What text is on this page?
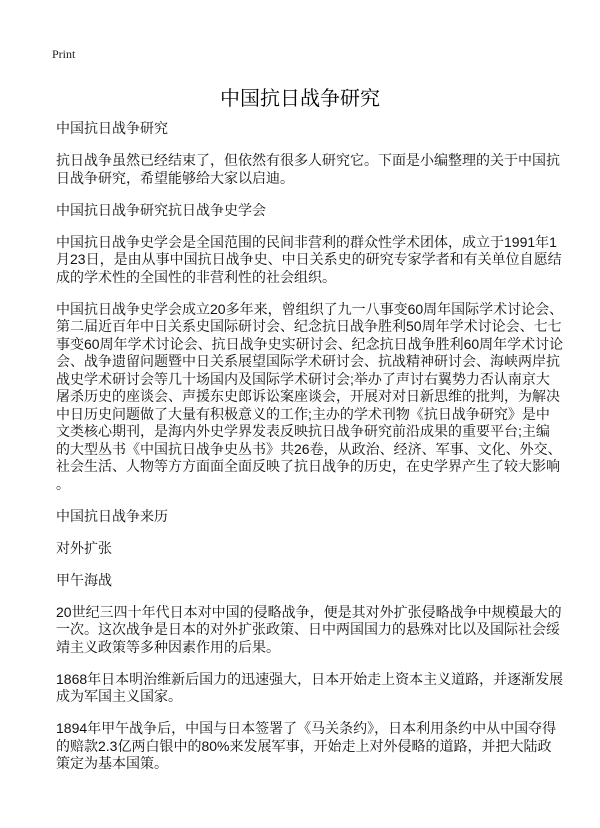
Print
中国抗日战争研究

中国抗日战争研究

抗日战争虽然已经结束了，但依然有很多人研究它。下面是小编整理的关于中国抗
日战争研究，希望能够给大家以启迪。

中国抗日战争研究抗日战争史学会

中国抗日战争史学会是全国范围的民间非营利的群众性学术团体，成立于1991年1
月23日，是由从事中国抗日战争史、中日关系史的研究专家学者和有关单位自愿结
成的学术性的全国性的非营利性的社会组织。

中国抗日战争史学会成立20多年来，曾组织了九一八事变60周年国际学术讨论会、
第二届近百年中日关系史国际研讨会、纪念抗日战争胜利50周年学术讨论会、七七
事变60周年学术讨论会、抗日战争史实研讨会、纪念抗日战争胜利60周年学术讨论
会、战争遗留问题暨中日关系展望国际学术研讨会、抗战精神研讨会、海峡两岸抗
战史学术研讨会等几十场国内及国际学术研讨会;举办了声讨右翼势力否认南京大
屠杀历史的座谈会、声援东史郎诉讼案座谈会，开展对对日新思维的批判，为解决
中日历史问题做了大量有积极意义的工作;主办的学术刊物《抗日战争研究》是中
文类核心期刊，是海内外史学界发表反映抗日战争研究前沿成果的重要平台;主编
的大型丛书《中国抗日战争史丛书》共26卷，从政治、经济、军事、文化、外交、
社会生活、人物等方方面面全面反映了抗日战争的历史，在史学界产生了较大影响
。

中国抗日战争来历

对外扩张

甲午海战

20世纪三四十年代日本对中国的侵略战争，便是其对外扩张侵略战争中规模最大的
一次。这次战争是日本的对外扩张政策、日中两国国力的悬殊对比以及国际社会绥
靖主义政策等多种因素作用的后果。

1868年日本明治维新后国力的迅速强大，日本开始走上资本主义道路，并逐渐发展
成为军国主义国家。

1894年甲午战争后，中国与日本签署了《马关条约》，日本利用条约中从中国夺得
的赔款2.3亿两白银中的80%来发展军事，开始走上对外侵略的道路，并把大陆政
策定为基本国策。
